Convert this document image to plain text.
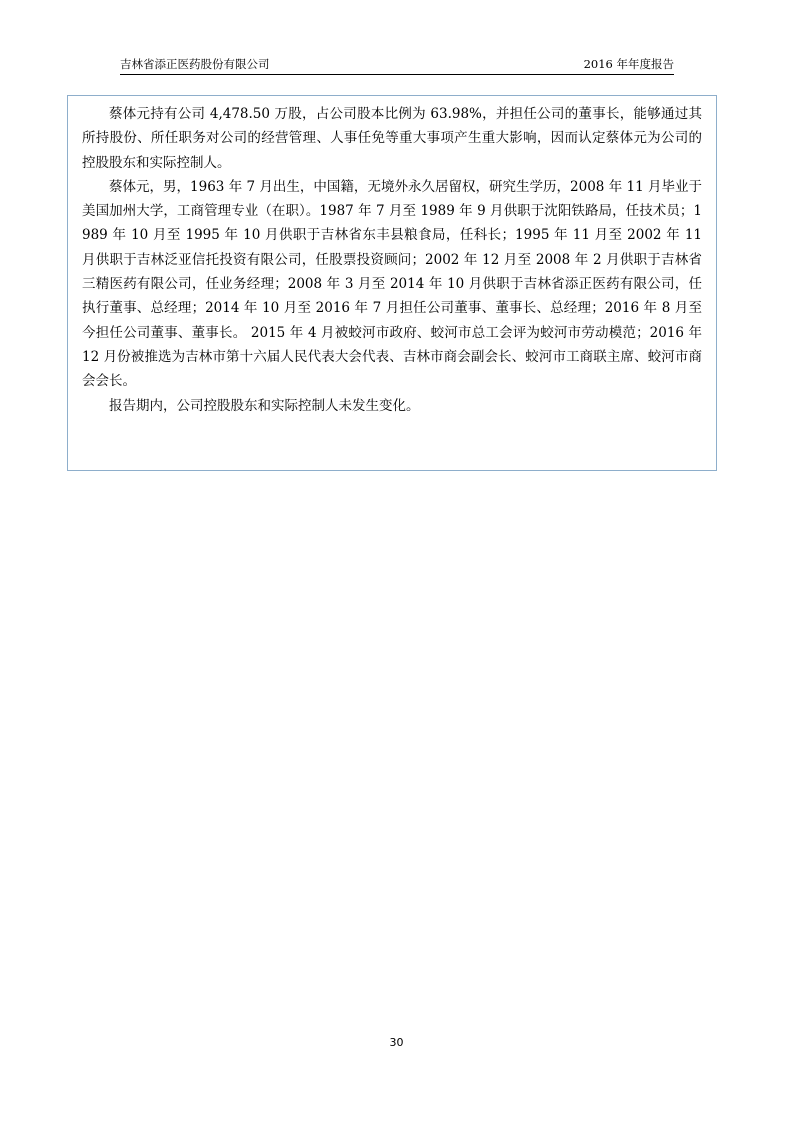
吉林省添正医药股份有限公司	2016 年年度报告

蔡体元持有公司 4,478.50 万股，占公司股本比例为 63.98%，并担任公司的董事长，能够通过其所持股份、所任职务对公司的经营管理、人事任免等重大事项产生重大影响，因而认定蔡体元为公司的控股股东和实际控制人。

蔡体元，男，1963 年 7 月出生，中国籍，无境外永久居留权，研究生学历，2008 年 11 月毕业于美国加州大学，工商管理专业（在职）。1987 年 7 月至 1989 年 9 月供职于沈阳铁路局，任技术员；1989 年 10 月至 1995 年 10 月供职于吉林省东丰县粮食局，任科长；1995 年 11 月至 2002 年 11 月供职于吉林泛亚信托投资有限公司，任股票投资顾问；2002 年 12 月至 2008 年 2 月供职于吉林省三精医药有限公司，任业务经理；2008 年 3 月至 2014 年 10 月供职于吉林省添正医药有限公司，任执行董事、总经理；2014 年 10 月至 2016 年 7 月担任公司董事、董事长、总经理；2016 年 8 月至今担任公司董事、董事长。 2015 年 4 月被蛟河市政府、蛟河市总工会评为蛟河市劳动模范；2016 年 12 月份被推选为吉林市第十六届人民代表大会代表、吉林市商会副会长、蛟河市工商联主席、蛟河市商会会长。

报告期内，公司控股股东和实际控制人未发生变化。

30
